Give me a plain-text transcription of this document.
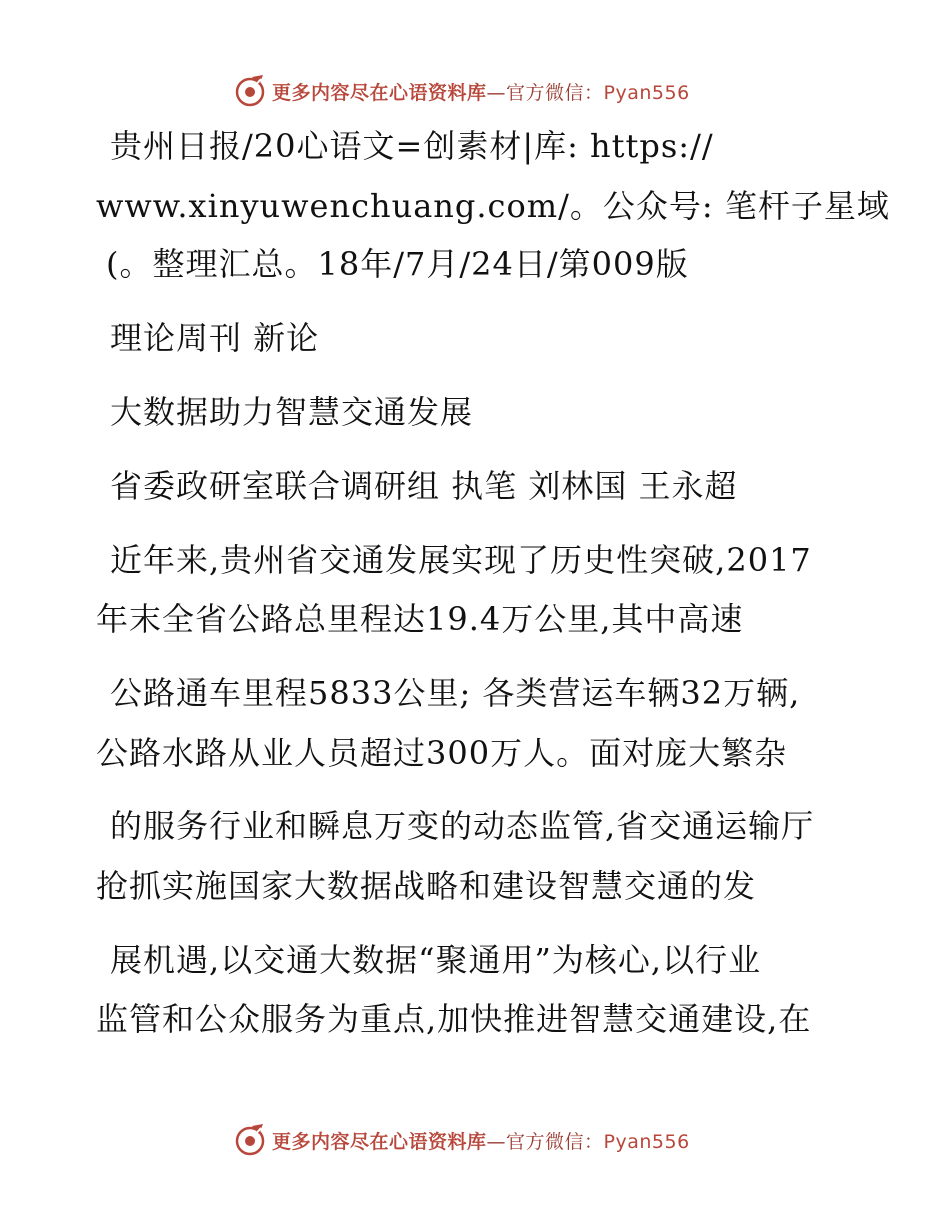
更多内容尽在心语资料库—官方微信：Pyan556
贵州日报/20心语文=创素材|库: https://
www.xinyuwenchuang.com/。公众号: 笔杆子星域
(。整理汇总。18年/7月/24日/第009版
理论周刊 新论
大数据助力智慧交通发展
省委政研室联合调研组 执笔 刘林国 王永超
近年来,贵州省交通发展实现了历史性突破,2017
年末全省公路总里程达19.4万公里,其中高速
公路通车里程5833公里; 各类营运车辆32万辆,
公路水路从业人员超过300万人。面对庞大繁杂
的服务行业和瞬息万变的动态监管,省交通运输厅
抢抓实施国家大数据战略和建设智慧交通的发
展机遇,以交通大数据“聚通用”为核心,以行业
监管和公众服务为重点,加快推进智慧交通建设,在
更多内容尽在心语资料库—官方微信：Pyan556
